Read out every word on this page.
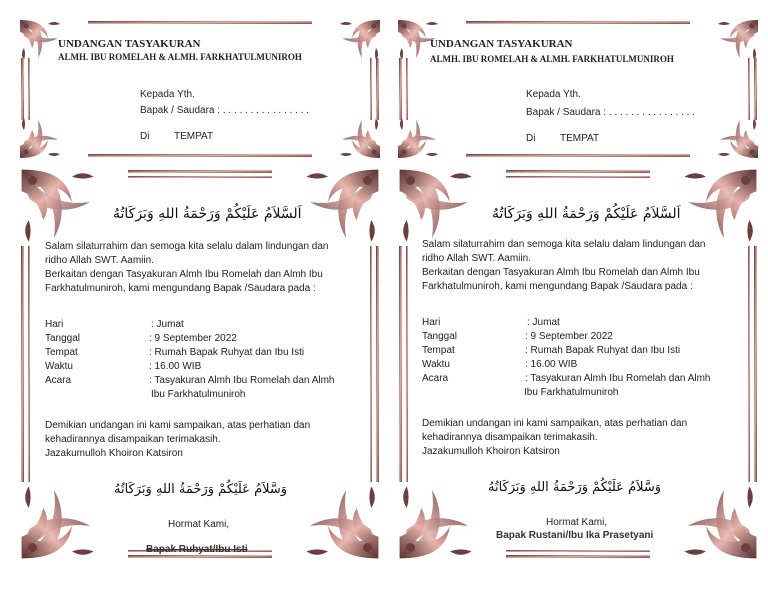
UNDANGAN TASYAKURAN
ALMH. IBU ROMELAH & ALMH. FARKHATULMUNIROH
Kepada Yth.
Bapak / Saudara : . . . . . . . . . . . . . . . .
Di TEMPAT
UNDANGAN TASYAKURAN
ALMH. IBU ROMELAH & ALMH. FARKHATULMUNIROH
Kepada Yth.
Bapak / Saudara : . . . . . . . . . . . . . . . .
Di TEMPAT
اَلسَّلاَمُ عَلَيْكُمْ وَرَحْمَةُ اللهِ وَبَرَكَاتُهُ
Salam silaturrahim dan semoga kita selalu dalam lindungan dan
ridho Allah SWT. Aamiin.
Berkaitan dengan Tasyakuran Almh Ibu Romelah dan Almh Ibu
Farkhatulmuniroh, kami mengundang Bapak /Saudara pada :
Hari	: Jumat
Tanggal	: 9 September 2022
Tempat	: Rumah Bapak Ruhyat dan Ibu Isti
Waktu	: 16.00 WIB
Acara	: Tasyakuran Almh Ibu Romelah dan Almh
Ibu Farkhatulmuniroh
Demikian undangan ini kami sampaikan, atas perhatian dan
kehadirannya disampaikan terimakasih.
Jazakumulloh Khoiron Katsiron
وَسَّلاَمُ عَلَيْكُمْ وَرَحْمَةُ اللهِ وَبَرَكَاتُهُ
Hormat Kami,
Bapak Ruhyat/Ibu Isti
اَلسَّلاَمُ عَلَيْكُمْ وَرَحْمَةُ اللهِ وَبَرَكَاتُهُ
Salam silaturrahim dan semoga kita selalu dalam lindungan dan
ridho Allah SWT. Aamiin.
Berkaitan dengan Tasyakuran Almh Ibu Romelah dan Almh Ibu
Farkhatulmuniroh, kami mengundang Bapak /Saudara pada :
Hari	: Jumat
Tanggal	: 9 September 2022
Tempat	: Rumah Bapak Ruhyat dan Ibu Isti
Waktu	: 16.00 WIB
Acara	: Tasyakuran Almh Ibu Romelah dan Almh
Ibu Farkhatulmuniroh
Demikian undangan ini kami sampaikan, atas perhatian dan
kehadirannya disampaikan terimakasih.
Jazakumulloh Khoiron Katsiron
وَسَّلاَمُ عَلَيْكُمْ وَرَحْمَةُ اللهِ وَبَرَكَاتُهُ
Hormat Kami,
Bapak Rustani/Ibu Ika Prasetyani
